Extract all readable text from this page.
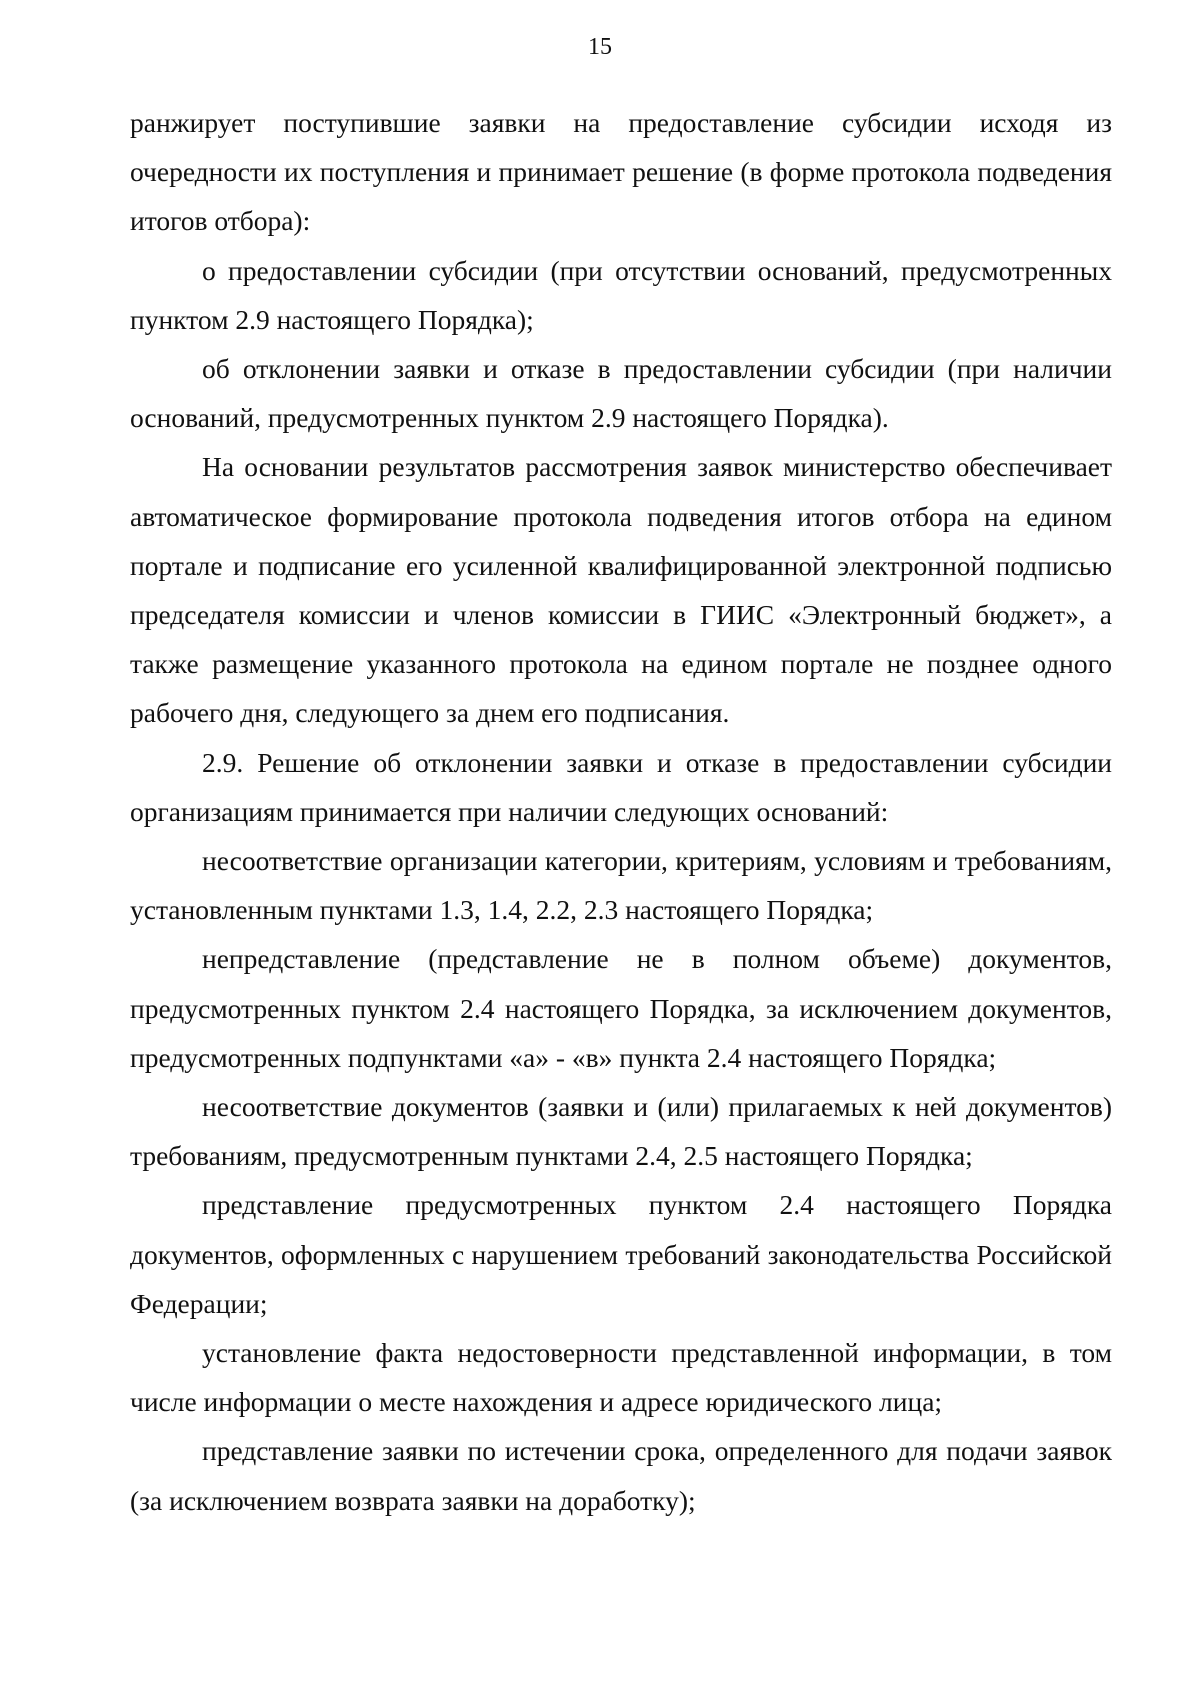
15

ранжирует поступившие заявки на предоставление субсидии исходя из очередности их поступления и принимает решение (в форме протокола подведения итогов отбора):

о предоставлении субсидии (при отсутствии оснований, предусмотренных пунктом 2.9 настоящего Порядка);

об отклонении заявки и отказе в предоставлении субсидии (при наличии оснований, предусмотренных пунктом 2.9 настоящего Порядка).

На основании результатов рассмотрения заявок министерство обеспечивает автоматическое формирование протокола подведения итогов отбора на едином портале и подписание его усиленной квалифицированной электронной подписью председателя комиссии и членов комиссии в ГИИС «Электронный бюджет», а также размещение указанного протокола на едином портале не позднее одного рабочего дня, следующего за днем его подписания.

2.9. Решение об отклонении заявки и отказе в предоставлении субсидии организациям принимается при наличии следующих оснований:

несоответствие организации категории, критериям, условиям и требованиям, установленным пунктами 1.3, 1.4, 2.2, 2.3 настоящего Порядка;

непредставление (представление не в полном объеме) документов, предусмотренных пунктом 2.4 настоящего Порядка, за исключением документов, предусмотренных подпунктами «а» - «в» пункта 2.4 настоящего Порядка;

несоответствие документов (заявки и (или) прилагаемых к ней документов) требованиям, предусмотренным пунктами 2.4, 2.5 настоящего Порядка;

представление предусмотренных пунктом 2.4 настоящего Порядка документов, оформленных с нарушением требований законодательства Российской Федерации;

установление факта недостоверности представленной информации, в том числе информации о месте нахождения и адресе юридического лица;

представление заявки по истечении срока, определенного для подачи заявок (за исключением возврата заявки на доработку);
